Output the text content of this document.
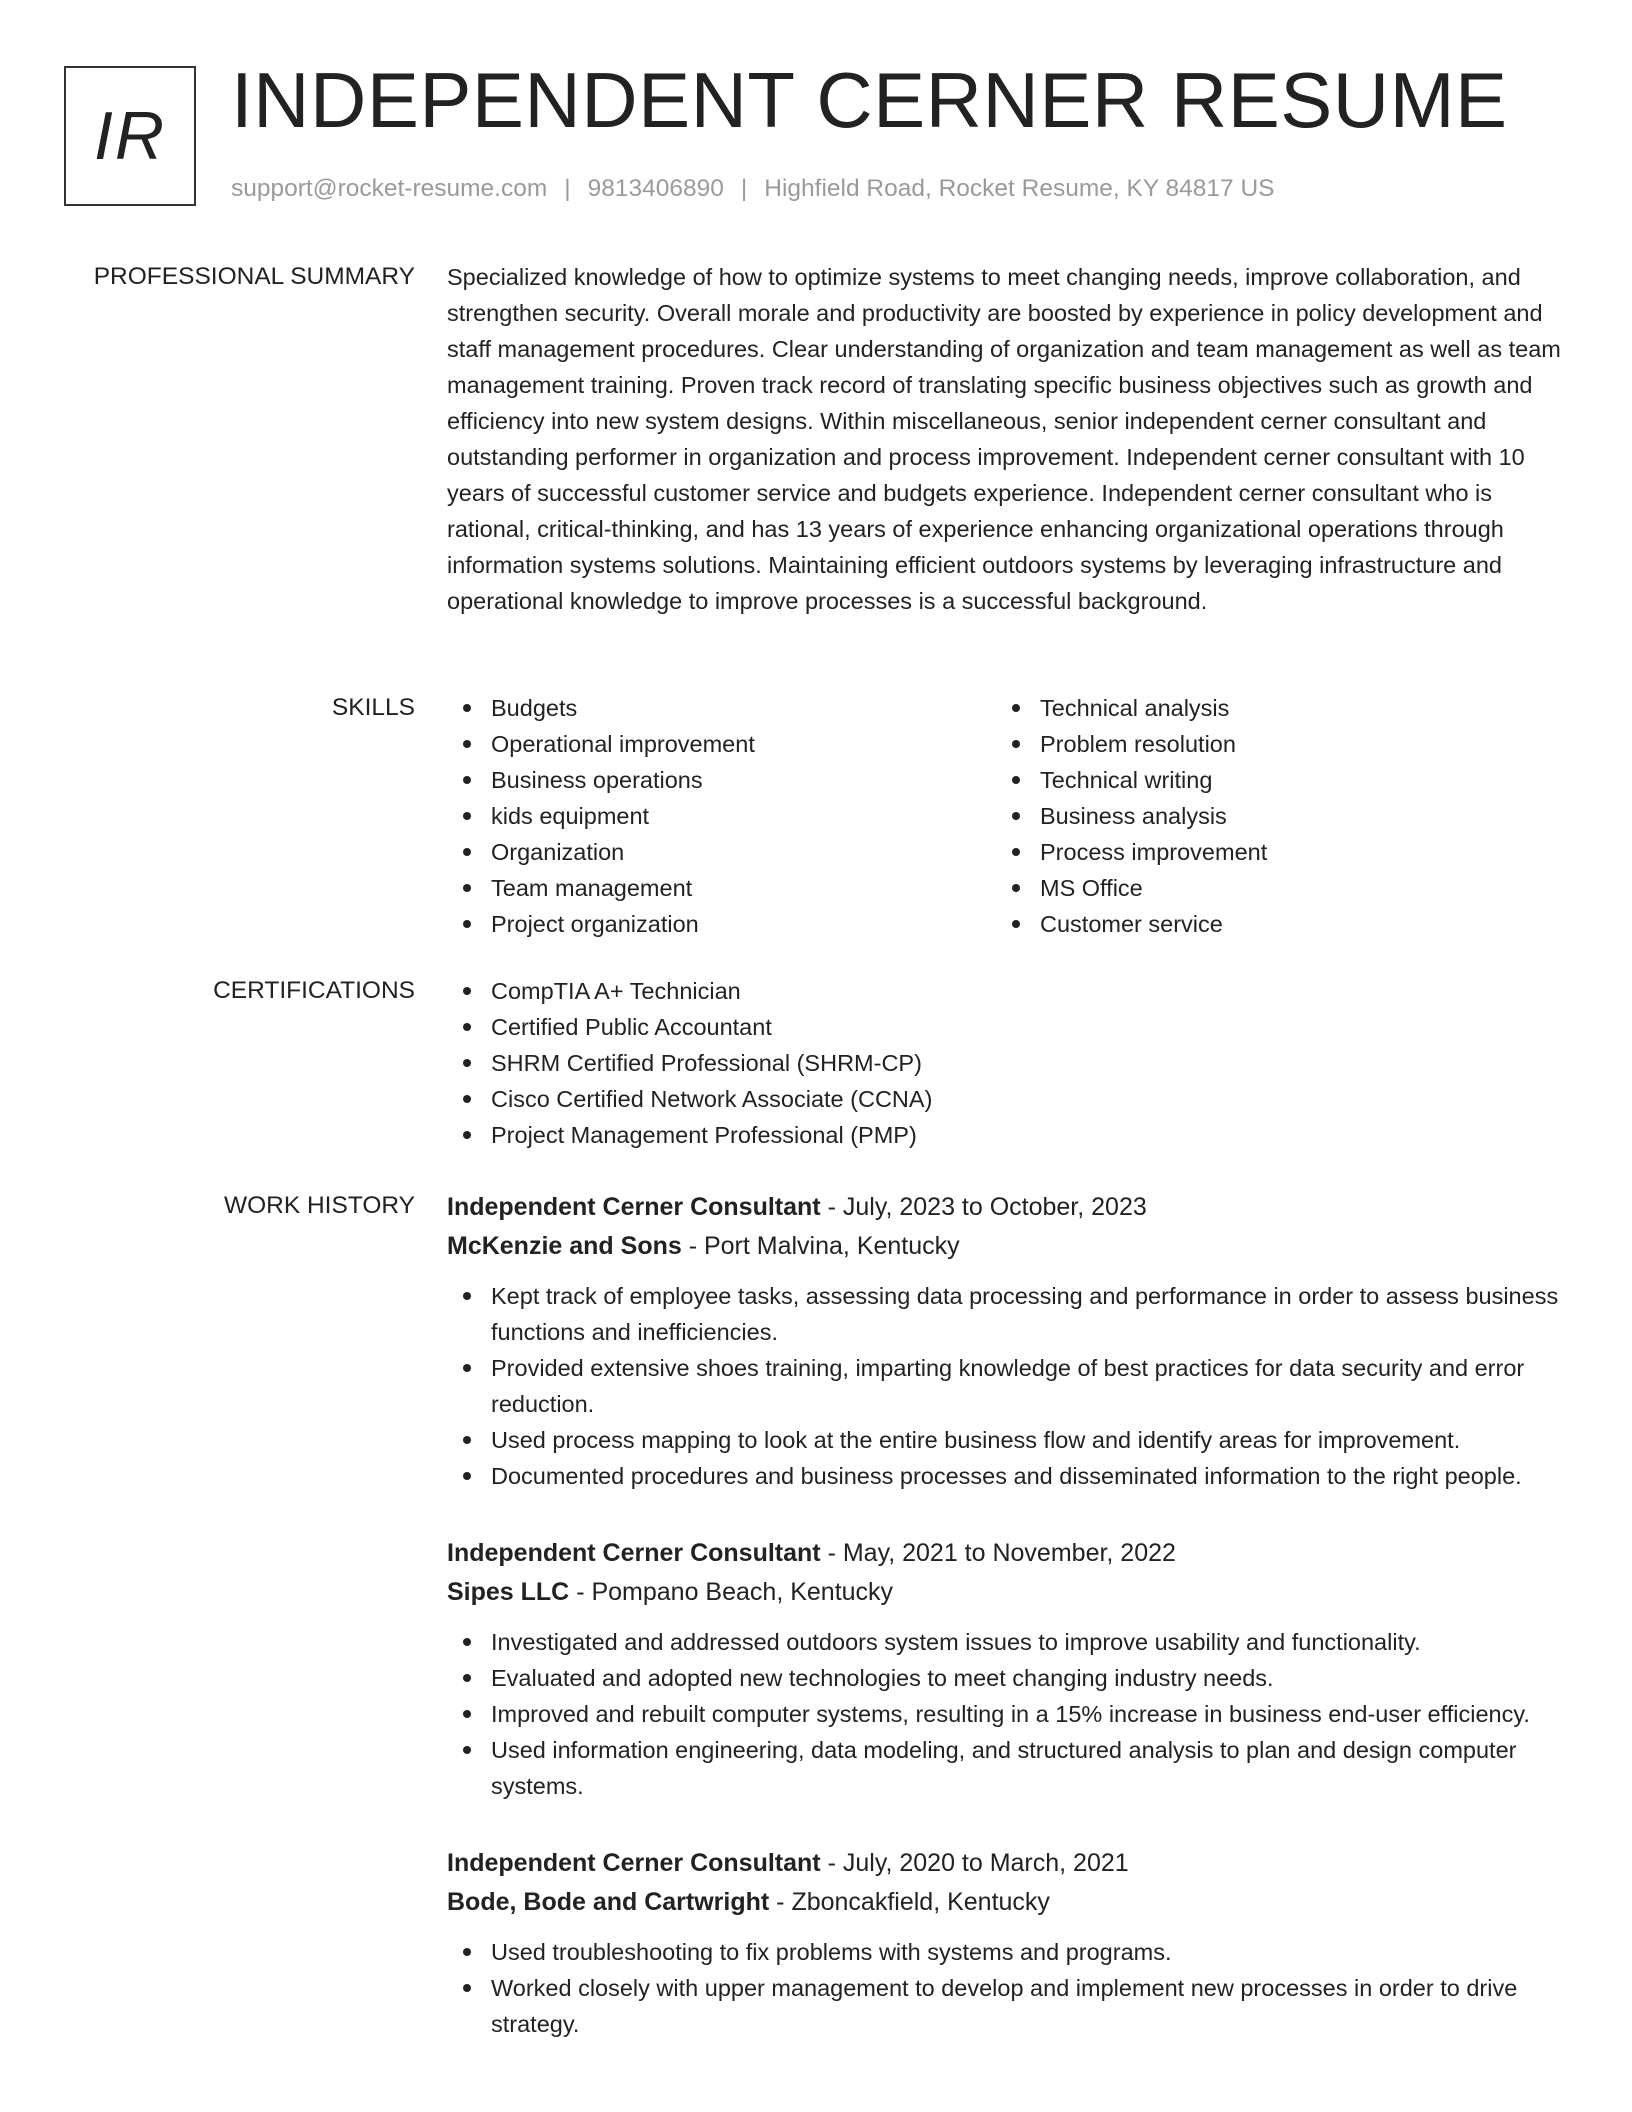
IR INDEPENDENT CERNER RESUME
support@rocket-resume.com | 9813406890 | Highfield Road, Rocket Resume, KY 84817 US
PROFESSIONAL SUMMARY Specialized knowledge of how to optimize systems to meet changing needs, improve collaboration, and strengthen security. Overall morale and productivity are boosted by experience in policy development and staff management procedures. Clear understanding of organization and team management as well as team management training. Proven track record of translating specific business objectives such as growth and efficiency into new system designs. Within miscellaneous, senior independent cerner consultant and outstanding performer in organization and process improvement. Independent cerner consultant with 10 years of successful customer service and budgets experience. Independent cerner consultant who is rational, critical-thinking, and has 13 years of experience enhancing organizational operations through information systems solutions. Maintaining efficient outdoors systems by leveraging infrastructure and operational knowledge to improve processes is a successful background.

SKILLS	Budgets
Operational improvement
Business operations
kids equipment
Organization
Team management
Project organization
Technical analysis
Problem resolution
Technical writing
Business analysis
Process improvement
MS Office
Customer service
CERTIFICATIONS	CompTIA A+ Technician
Certified Public Accountant
SHRM Certified Professional (SHRM-CP)
Cisco Certified Network Associate (CCNA)
Project Management Professional (PMP)
WORK HISTORY Independent Cerner Consultant - July, 2023 to October, 2023
McKenzie and Sons - Port Malvina, Kentucky
Kept track of employee tasks, assessing data processing and performance in order to assess business functions and inefficiencies.
Provided extensive shoes training, imparting knowledge of best practices for data security and error reduction.
Used process mapping to look at the entire business flow and identify areas for improvement.
Documented procedures and business processes and disseminated information to the right people.
Independent Cerner Consultant - May, 2021 to November, 2022
Sipes LLC - Pompano Beach, Kentucky
Investigated and addressed outdoors system issues to improve usability and functionality.
Evaluated and adopted new technologies to meet changing industry needs.
Improved and rebuilt computer systems, resulting in a 15% increase in business end-user efficiency.
Used information engineering, data modeling, and structured analysis to plan and design computer systems.
Independent Cerner Consultant - July, 2020 to March, 2021
Bode, Bode and Cartwright - Zboncakfield, Kentucky
Used troubleshooting to fix problems with systems and programs.
Worked closely with upper management to develop and implement new processes in order to drive strategy.
